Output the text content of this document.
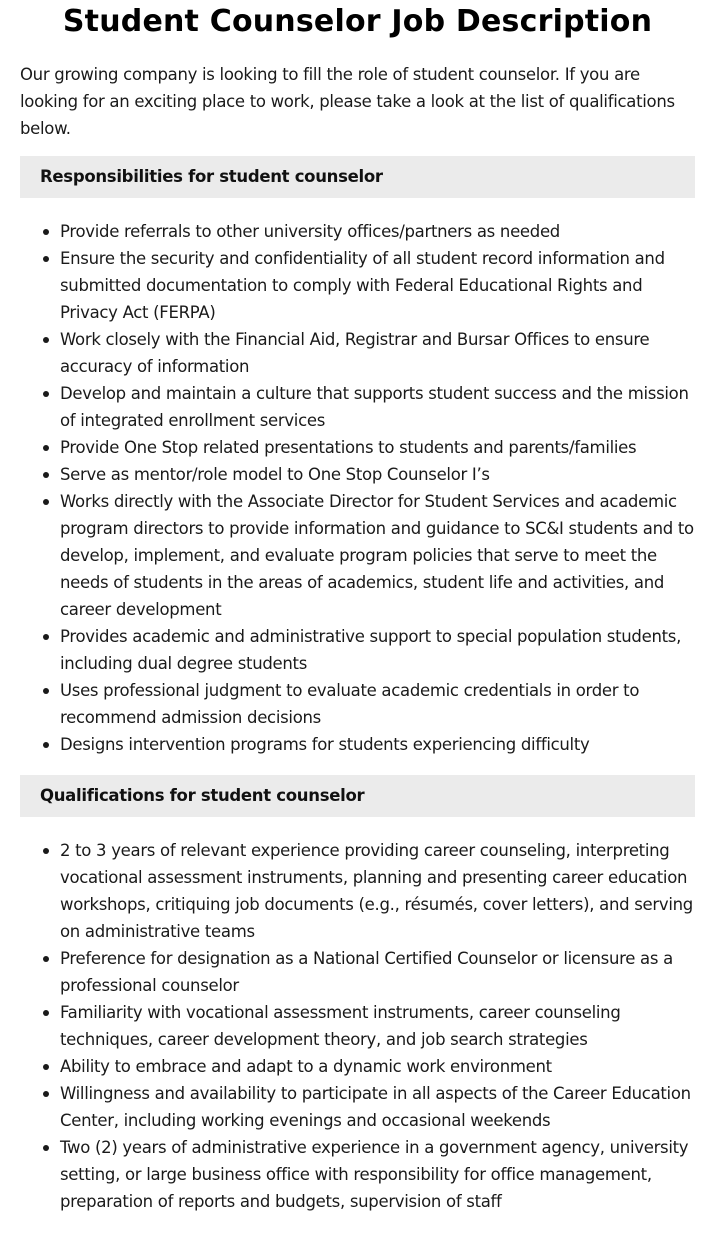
Student Counselor Job Description

Our growing company is looking to fill the role of student counselor. If you are looking for an exciting place to work, please take a look at the list of qualifications below.

Responsibilities for student counselor
Provide referrals to other university offices/partners as needed
Ensure the security and confidentiality of all student record information and submitted documentation to comply with Federal Educational Rights and Privacy Act (FERPA)
Work closely with the Financial Aid, Registrar and Bursar Offices to ensure accuracy of information
Develop and maintain a culture that supports student success and the mission of integrated enrollment services
Provide One Stop related presentations to students and parents/families
Serve as mentor/role model to One Stop Counselor I’s
Works directly with the Associate Director for Student Services and academic program directors to provide information and guidance to SC&I students and to develop, implement, and evaluate program policies that serve to meet the needs of students in the areas of academics, student life and activities, and career development
Provides academic and administrative support to special population students, including dual degree students
Uses professional judgment to evaluate academic credentials in order to recommend admission decisions
Designs intervention programs for students experiencing difficulty
Qualifications for student counselor
2 to 3 years of relevant experience providing career counseling, interpreting vocational assessment instruments, planning and presenting career education workshops, critiquing job documents (e.g., résumés, cover letters), and serving on administrative teams
Preference for designation as a National Certified Counselor or licensure as a professional counselor
Familiarity with vocational assessment instruments, career counseling techniques, career development theory, and job search strategies
Ability to embrace and adapt to a dynamic work environment
Willingness and availability to participate in all aspects of the Career Education Center, including working evenings and occasional weekends
Two (2) years of administrative experience in a government agency, university setting, or large business office with responsibility for office management, preparation of reports and budgets, supervision of staff
